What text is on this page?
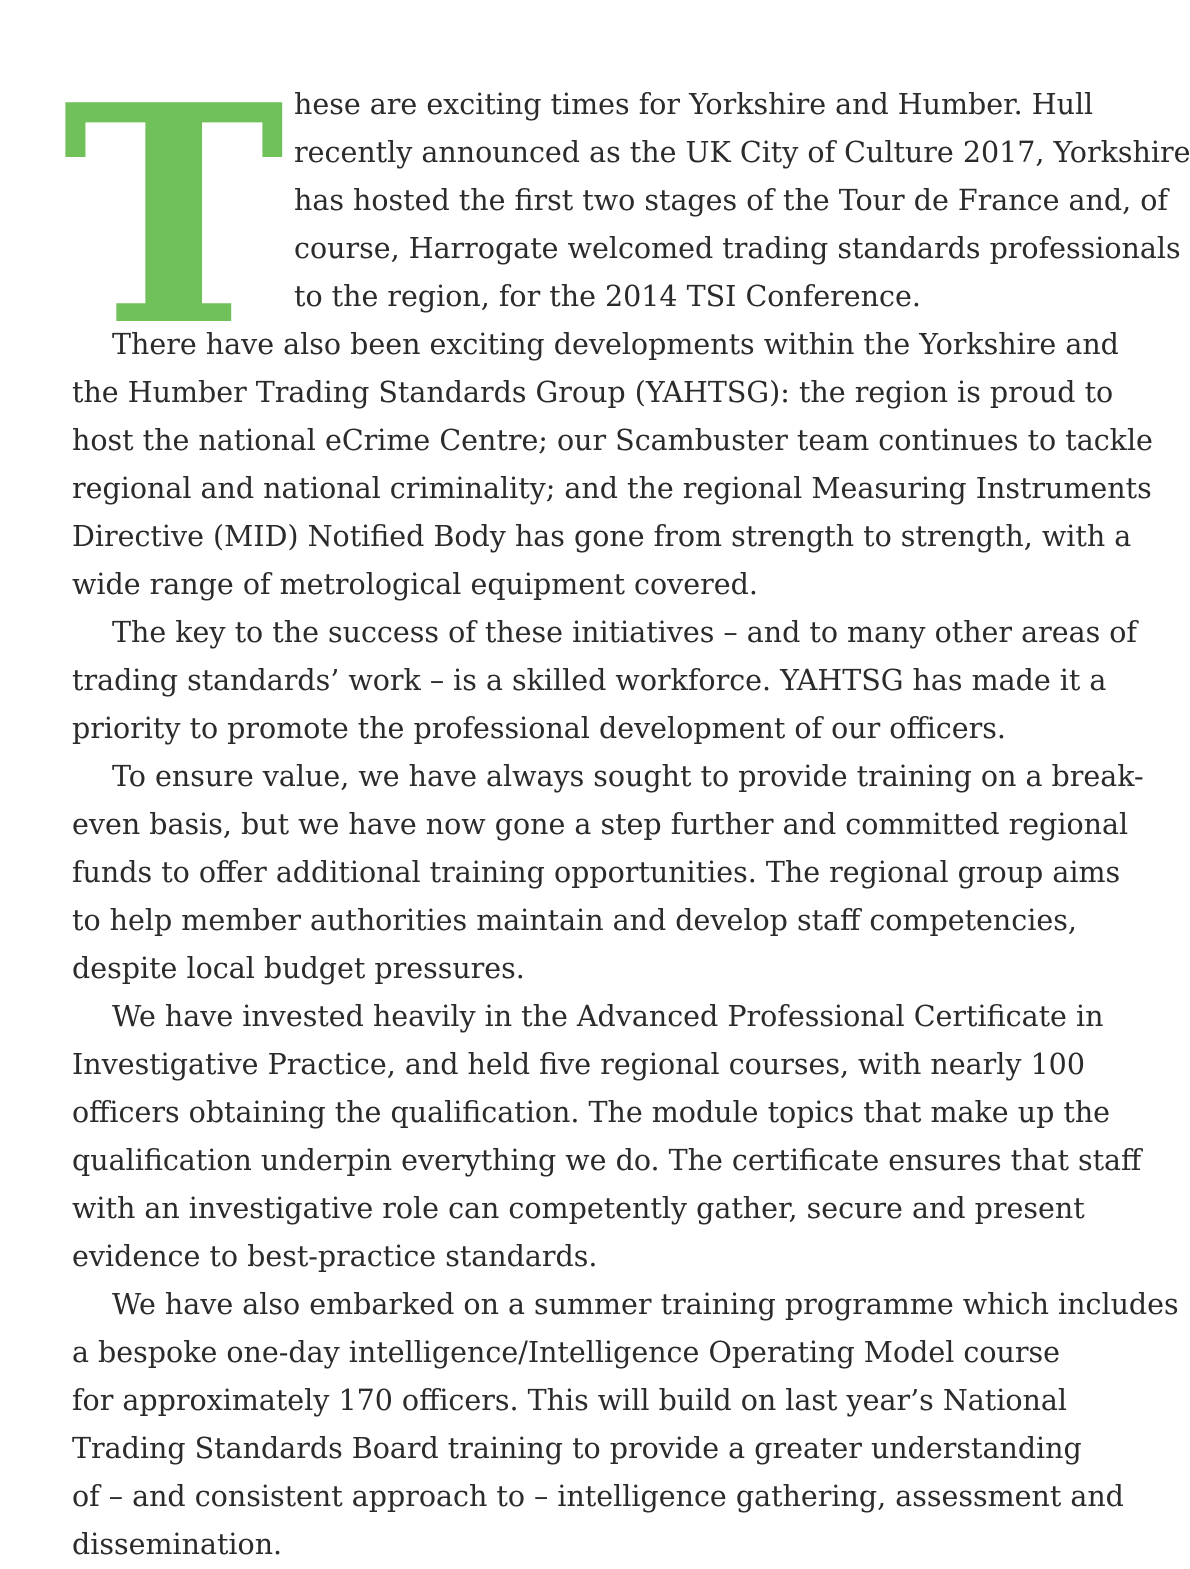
T hese are exciting times for Yorkshire and Humber. Hull
recently announced as the UK City of Culture 2017, Yorkshire
has hosted the first two stages of the Tour de France and, of
course, Harrogate welcomed trading standards professionals
to the region, for the 2014 TSI Conference.
There have also been exciting developments within the Yorkshire and
the Humber Trading Standards Group (YAHTSG): the region is proud to
host the national eCrime Centre; our Scambuster team continues to tackle
regional and national criminality; and the regional Measuring Instruments
Directive (MID) Notified Body has gone from strength to strength, with a
wide range of metrological equipment covered.
The key to the success of these initiatives – and to many other areas of
trading standards’ work – is a skilled workforce. YAHTSG has made it a
priority to promote the professional development of our officers.
To ensure value, we have always sought to provide training on a break-
even basis, but we have now gone a step further and committed regional
funds to offer additional training opportunities. The regional group aims
to help member authorities maintain and develop staff competencies,
despite local budget pressures.
We have invested heavily in the Advanced Professional Certificate in
Investigative Practice, and held five regional courses, with nearly 100
officers obtaining the qualification. The module topics that make up the
qualification underpin everything we do. The certificate ensures that staff
with an investigative role can competently gather, secure and present
evidence to best-practice standards.
We have also embarked on a summer training programme which includes
a bespoke one-day intelligence/Intelligence Operating Model course
for approximately 170 officers. This will build on last year’s National
Trading Standards Board training to provide a greater understanding
of – and consistent approach to – intelligence gathering, assessment and
dissemination.
